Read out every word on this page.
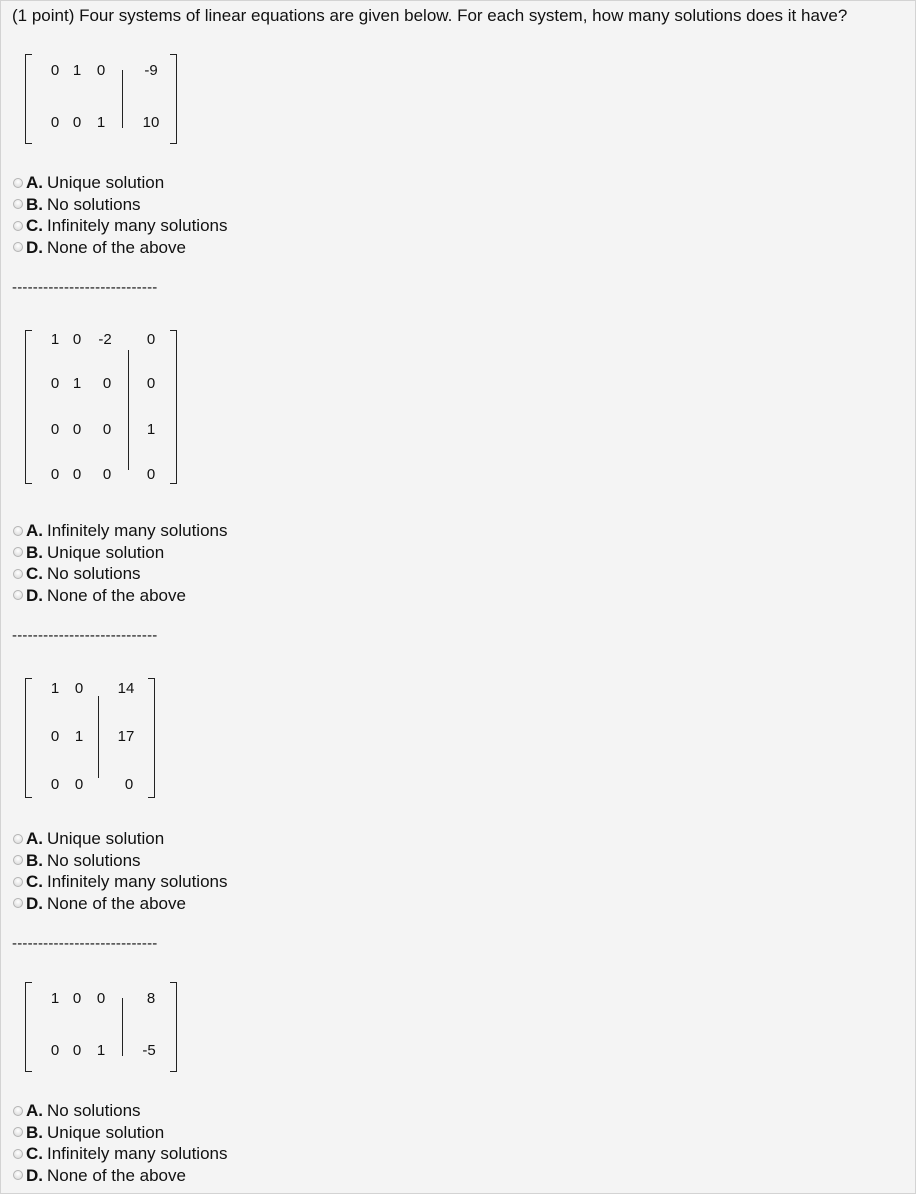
(1 point) Four systems of linear equations are given below. For each system, how many solutions does it have?
0 1	0	-9
0 0	1	10
A. Unique solution
B. No solutions
C. Infinitely many solutions
D. None of the above
----------------------------
1 0	-2	0
0 1	0	0
0 0	0	1
0 0	0	0
A. Infinitely many solutions
B. Unique solution
C. No solutions
D. None of the above
----------------------------
1	0	14
0	1	17
0	0	0
A. Unique solution
B. No solutions
C. Infinitely many solutions
D. None of the above
----------------------------
1 0	0	8
0 0	1	-5
A. No solutions
B. Unique solution
C. Infinitely many solutions
D. None of the above
